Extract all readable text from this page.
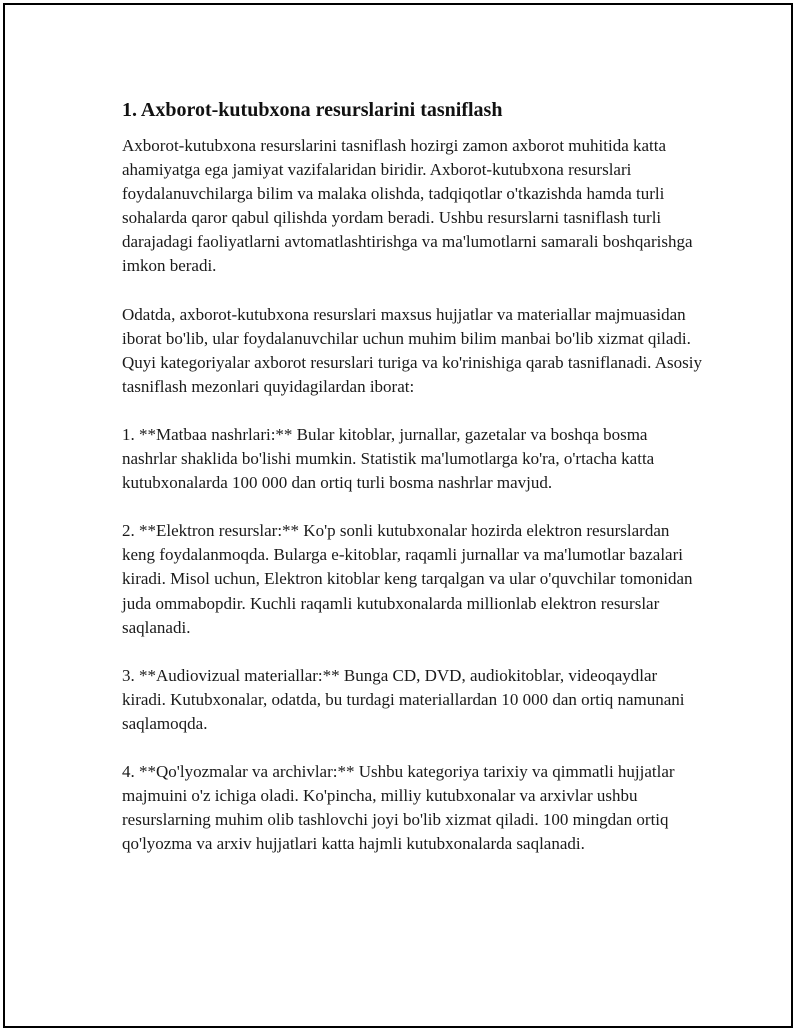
1. Axborot-kutubxona resurslarini tasniflash

Axborot-kutubxona resurslarini tasniflash hozirgi zamon axborot muhitida katta ahamiyatga ega jamiyat vazifalaridan biridir. Axborot-kutubxona resurslari foydalanuvchilarga bilim va malaka olishda, tadqiqotlar o'tkazishda hamda turli sohalarda qaror qabul qilishda yordam beradi. Ushbu resurslarni tasniflash turli darajadagi faoliyatlarni avtomatlashtirishga va ma'lumotlarni samarali boshqarishga imkon beradi.

Odatda, axborot-kutubxona resurslari maxsus hujjatlar va materiallar majmuasidan iborat bo'lib, ular foydalanuvchilar uchun muhim bilim manbai bo'lib xizmat qiladi. Quyi kategoriyalar axborot resurslari turiga va ko'rinishiga qarab tasniflanadi. Asosiy tasniflash mezonlari quyidagilardan iborat:

1. **Matbaa nashrlari:** Bular kitoblar, jurnallar, gazetalar va boshqa bosma nashrlar shaklida bo'lishi mumkin. Statistik ma'lumotlarga ko'ra, o'rtacha katta kutubxonalarda 100 000 dan ortiq turli bosma nashrlar mavjud.

2. **Elektron resurslar:** Ko'p sonli kutubxonalar hozirda elektron resurslardan keng foydalanmoqda. Bularga e-kitoblar, raqamli jurnallar va ma'lumotlar bazalari kiradi. Misol uchun, Elektron kitoblar keng tarqalgan va ular o'quvchilar tomonidan juda ommabopdir. Kuchli raqamli kutubxonalarda millionlab elektron resurslar saqlanadi.

3. **Audiovizual materiallar:** Bunga CD, DVD, audiokitoblar, videoqaydlar kiradi. Kutubxonalar, odatda, bu turdagi materiallardan 10 000 dan ortiq namunani saqlamoqda.

4. **Qo'lyozmalar va archivlar:** Ushbu kategoriya tarixiy va qimmatli hujjatlar majmuini o'z ichiga oladi. Ko'pincha, milliy kutubxonalar va arxivlar ushbu resurslarning muhim olib tashlovchi joyi bo'lib xizmat qiladi. 100 mingdan ortiq qo'lyozma va arxiv hujjatlari katta hajmli kutubxonalarda saqlanadi.
